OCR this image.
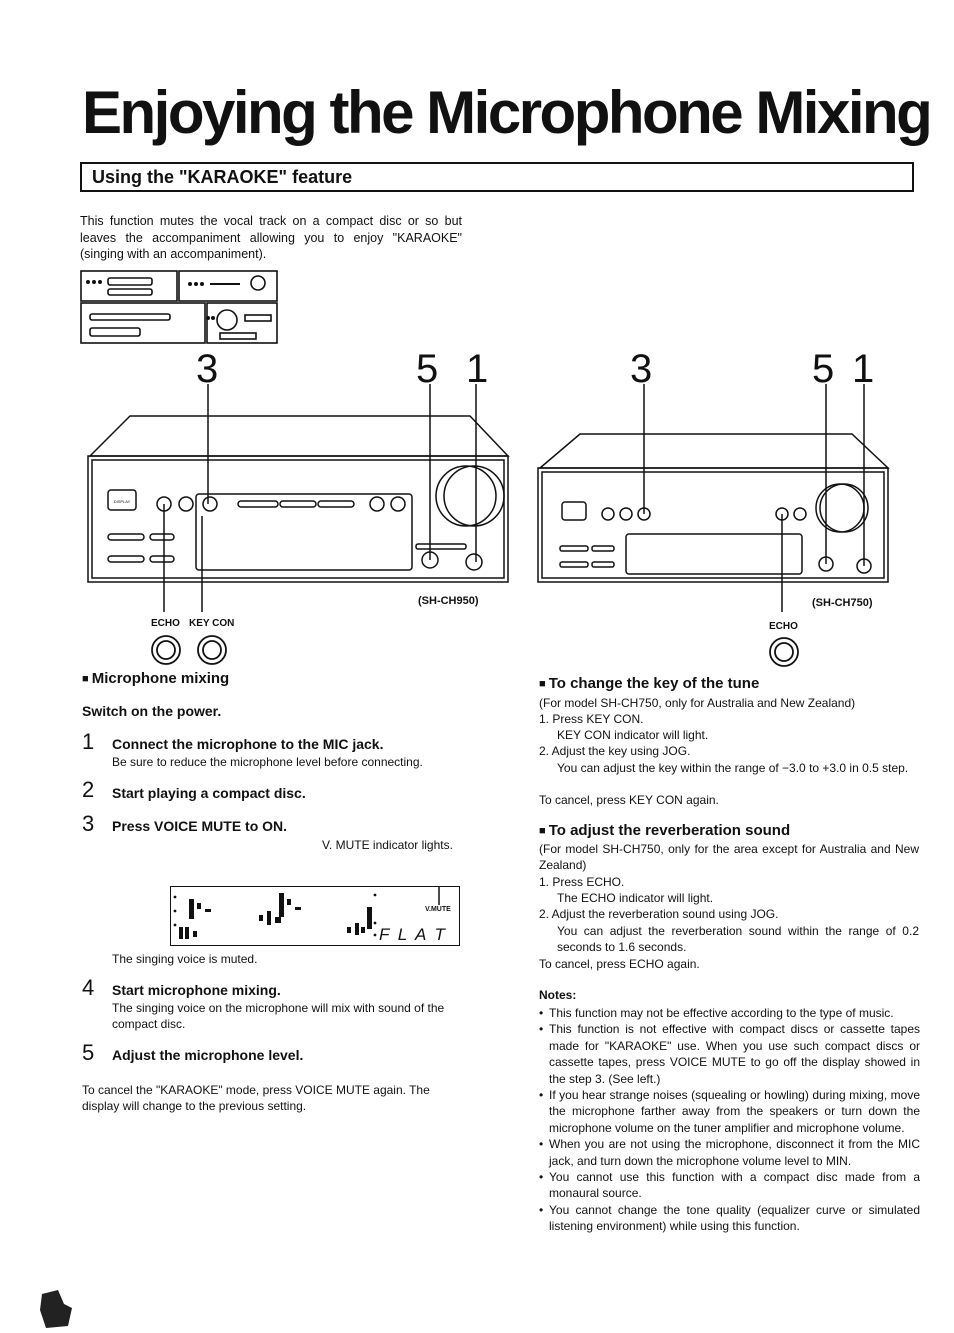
Enjoying the Microphone Mixing
Using the "KARAOKE" feature
This function mutes the vocal track on a compact disc or so but leaves the accompaniment allowing you to enjoy "KARAOKE" (singing with an accompaniment).
3	5 1
DISPLAY
(SH-CH950)
ECHO KEY CON
3	5 1
(SH-CH750)
ECHO
■ Microphone mixing
Switch on the power.
1 Connect the microphone to the MIC jack.
Be sure to reduce the microphone level before connecting.
2 Start playing a compact disc.
3 Press VOICE MUTE to ON.
V. MUTE indicator lights.
V.MUTE
F L A T
The singing voice is muted.
4 Start microphone mixing.
The singing voice on the microphone will mix with sound of the compact disc.
5 Adjust the microphone level.
To cancel the "KARAOKE" mode, press VOICE MUTE again. The display will change to the previous setting.
■ To change the key of the tune
(For model SH-CH750, only for Australia and New Zealand)
1. Press KEY CON.
KEY CON indicator will light.
2. Adjust the key using JOG.
You can adjust the key within the range of −3.0 to +3.0 in 0.5 step.
To cancel, press KEY CON again.
■ To adjust the reverberation sound
(For model SH-CH750, only for the area except for Australia and New Zealand)
1. Press ECHO.
The ECHO indicator will light.
2. Adjust the reverberation sound using JOG.
You can adjust the reverberation sound within the range of 0.2 seconds to 1.6 seconds.
To cancel, press ECHO again.
Notes:
• This function may not be effective according to the type of music.
• This function is not effective with compact discs or cassette tapes made for "KARAOKE" use. When you use such compact discs or cassette tapes, press VOICE MUTE to go off the display showed in the step 3. (See left.)
• If you hear strange noises (squealing or howling) during mixing, move the microphone farther away from the speakers or turn down the microphone volume on the tuner amplifier and microphone volume.
• When you are not using the microphone, disconnect it from the MIC jack, and turn down the microphone volume level to MIN.
• You cannot use this function with a compact disc made from a monaural source.
• You cannot change the tone quality (equalizer curve or simulated listening environment) while using this function.
